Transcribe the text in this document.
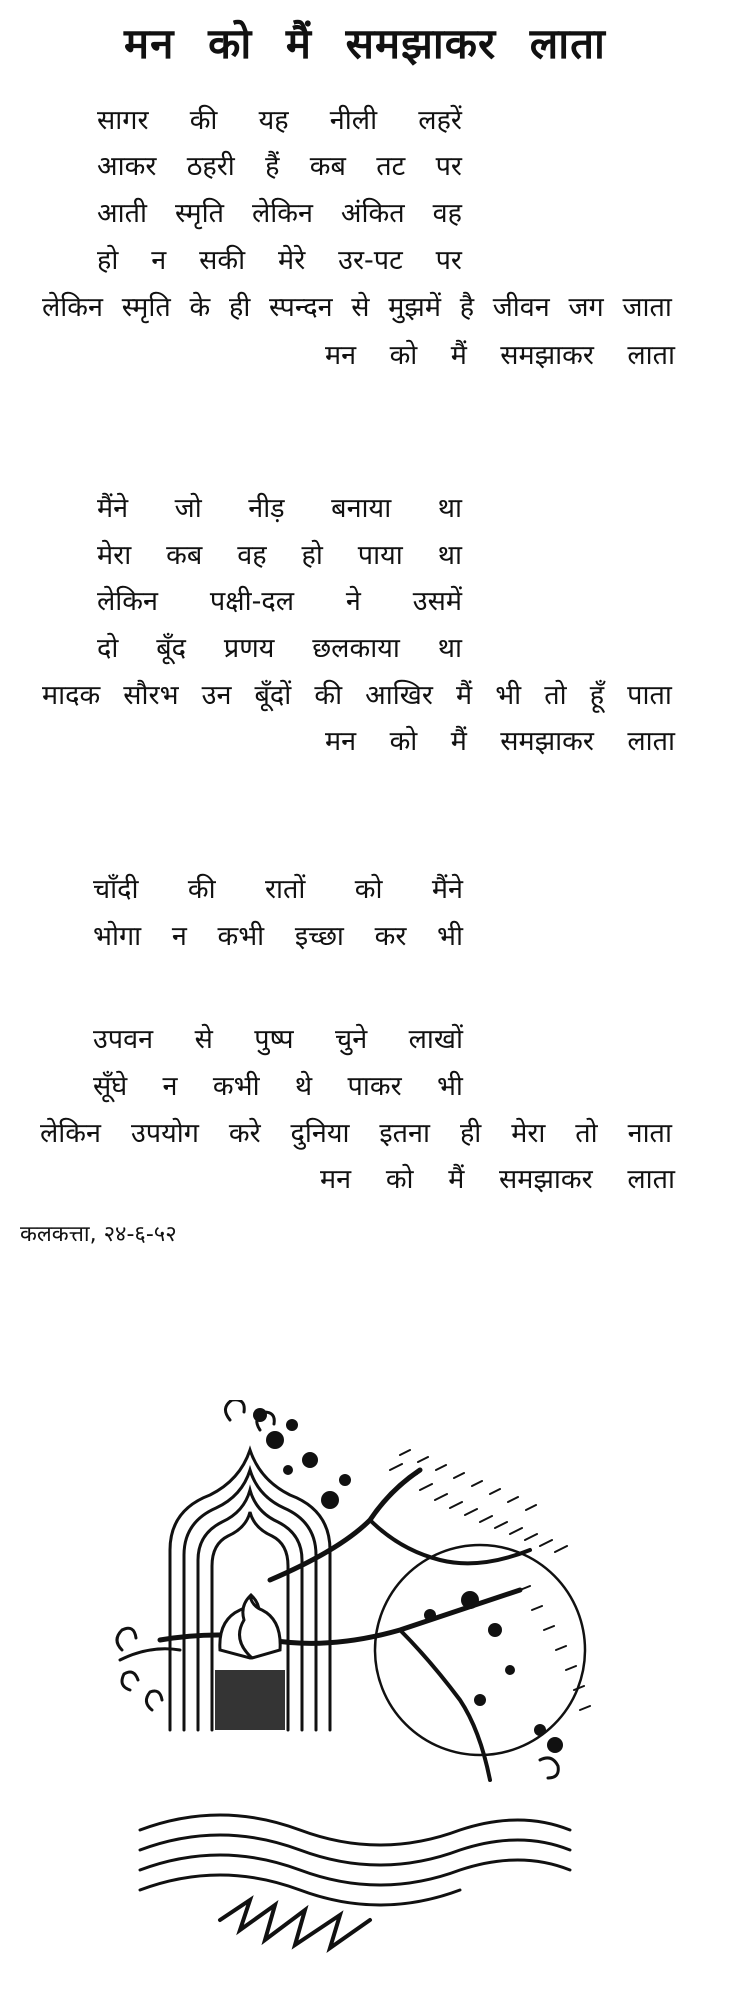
मन को मैं समझाकर लाता
सागर की यह नीली लहरें
आकर ठहरी हैं कब तट पर
आती स्मृति लेकिन अंकित वह
हो न सकी मेरे उर-पट पर
लेकिन स्मृति के ही स्पन्दन से मुझमें है जीवन जग जाता
मन को मैं समझाकर लाता
मैंने जो नीड़ बनाया था
मेरा कब वह हो पाया था
लेकिन पक्षी-दल ने उसमें
दो बूँद प्रणय छलकाया था
मादक सौरभ उन बूँदों की आखिर मैं भी तो हूँ पाता
मन को मैं समझाकर लाता
चाँदी की रातों को मैंने
भोगा न कभी इच्छा कर भी
उपवन से पुष्प चुने लाखों
सूँघे न कभी थे पाकर भी
लेकिन उपयोग करे दुनिया इतना ही मेरा तो नाता
मन को मैं समझाकर लाता
कलकत्ता, २४-६-५२
